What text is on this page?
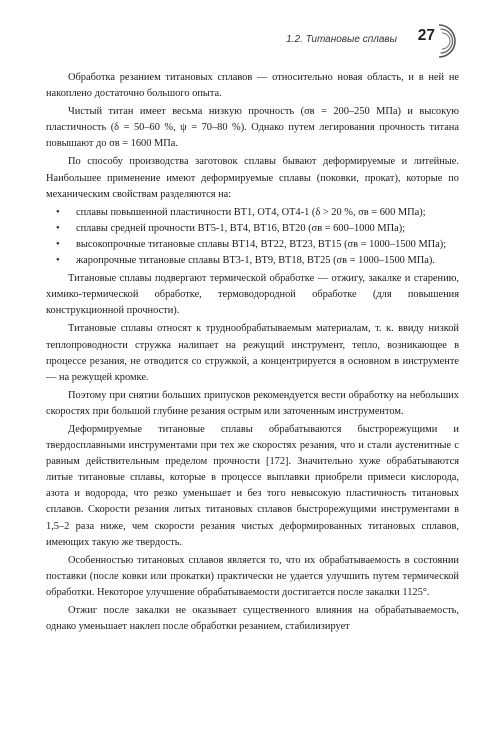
1.2. Титановые сплавы 27

Обработка резанием титановых сплавов — относительно новая область, и в ней не накоплено достаточно большого опыта.

Чистый титан имеет весьма низкую прочность (σв = 200–250 МПа) и высокую пластичность (δ = 50–60 %, ψ = 70–80 %). Однако путем легирования прочность титана повышают до σв = 1600 МПа.

По способу производства заготовок сплавы бывают деформируемые и литейные. Наибольшее применение имеют деформируемые сплавы (поковки, прокат), которые по механическим свойствам разделяются на:

• сплавы повышенной пластичности ВТ1, ОТ4, ОТ4-1 (δ > 20 %, σв = 600 МПа);
• сплавы средней прочности ВТ5-1, ВТ4, ВТ16, ВТ20 (σв = 600–1000 МПа);
• высокопрочные титановые сплавы ВТ14, ВТ22, ВТ23, ВТ15 (σв = 1000–1500 МПа);
• жаропрочные титановые сплавы ВТ3-1, ВТ9, ВТ18, ВТ25 (σв = 1000–1500 МПа).

Титановые сплавы подвергают термической обработке — отжигу, закалке и старению, химико-термической обработке, термоводородной обработке (для повышения конструкционной прочности).

Титановые сплавы относят к труднообрабатываемым материалам, т. к. ввиду низкой теплопроводности стружка налипает на режущий инструмент, тепло, возникающее в процессе резания, не отводится со стружкой, а концентрируется в основном в инструменте — на режущей кромке.

Поэтому при снятии больших припусков рекомендуется вести обработку на небольших скоростях при большой глубине резания острым или заточенным инструментом.

Деформируемые титановые сплавы обрабатываются быстрорежущими и твердосплавными инструментами при тех же скоростях резания, что и стали аустенитные с равным действительным пределом прочности [172]. Значительно хуже обрабатываются литые титановые сплавы, которые в процессе выплавки приобрели примеси кислорода, азота и водорода, что резко уменьшает и без того невысокую пластичность титановых сплавов. Скорости резания литых титановых сплавов быстрорежущими инструментами в 1,5–2 раза ниже, чем скорости резания чистых деформированных титановых сплавов, имеющих такую же твердость.

Особенностью титановых сплавов является то, что их обрабатываемость в состоянии поставки (после ковки или прокатки) практически не удается улучшить путем термической обработки. Некоторое улучшение обрабатываемости достигается после закалки 1125°.

Отжиг после закалки не оказывает существенного влияния на обрабатываемость, однако уменьшает наклеп после обработки резанием, стабилизирует
